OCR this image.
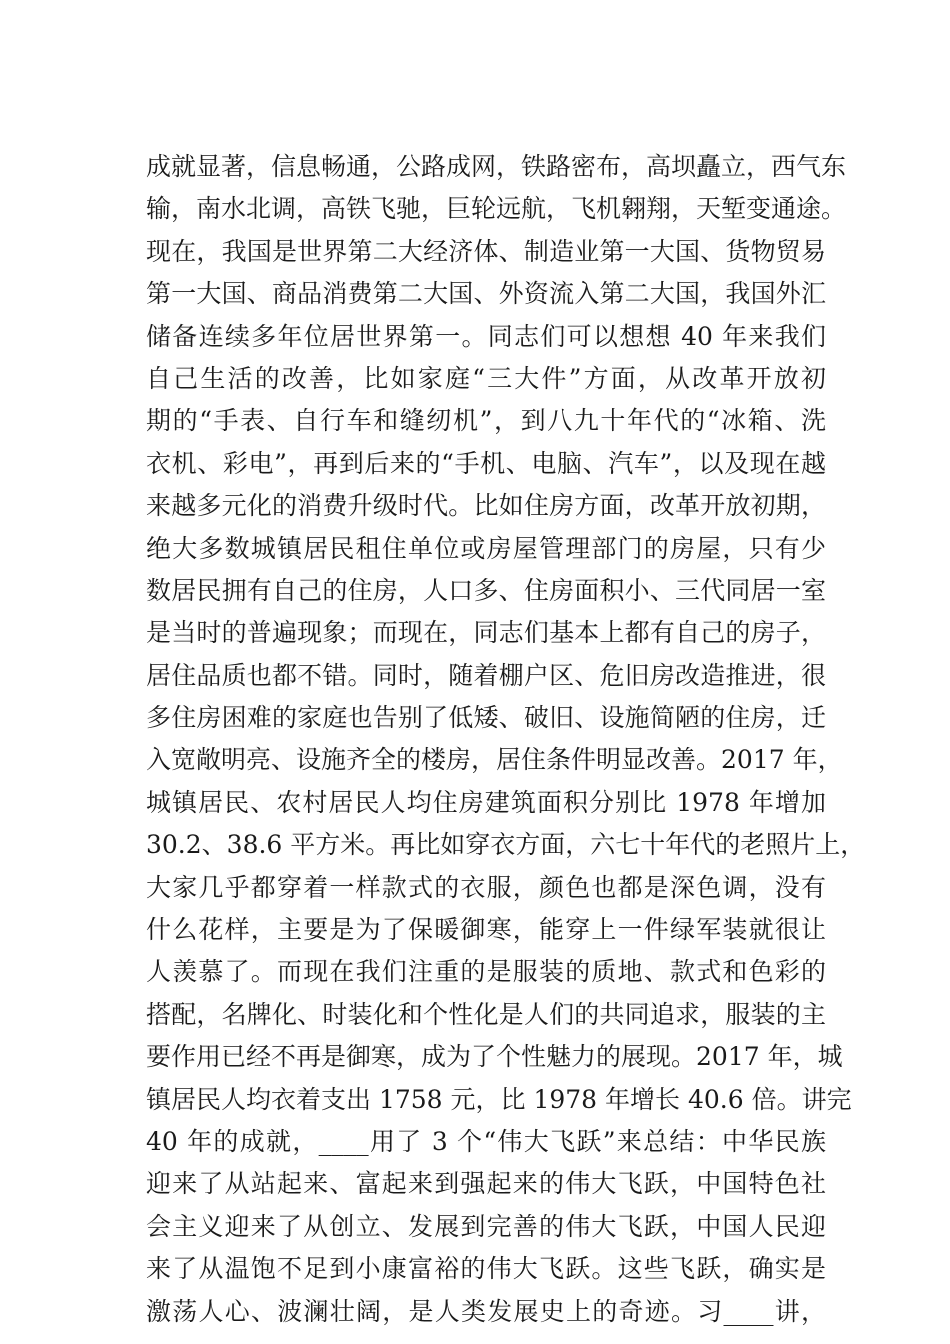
成就显著，信息畅通，公路成网，铁路密布，高坝矗立，西气东
输，南水北调，高铁飞驰，巨轮远航，飞机翱翔，天堑变通途。
现在，我国是世界第二大经济体、制造业第一大国、货物贸易
第一大国、商品消费第二大国、外资流入第二大国，我国外汇
储备连续多年位居世界第一。同志们可以想想 40 年来我们
自己生活的改善，比如家庭“三大件”方面，从改革开放初
期的“手表、自行车和缝纫机”，到八九十年代的“冰箱、洗
衣机、彩电”，再到后来的“手机、电脑、汽车”，以及现在越
来越多元化的消费升级时代。比如住房方面，改革开放初期，
绝大多数城镇居民租住单位或房屋管理部门的房屋，只有少
数居民拥有自己的住房，人口多、住房面积小、三代同居一室
是当时的普遍现象；而现在，同志们基本上都有自己的房子，
居住品质也都不错。同时，随着棚户区、危旧房改造推进，很
多住房困难的家庭也告别了低矮、破旧、设施简陋的住房，迁
入宽敞明亮、设施齐全的楼房，居住条件明显改善。2017 年，
城镇居民、农村居民人均住房建筑面积分别比 1978 年增加
30.2、38.6 平方米。再比如穿衣方面，六七十年代的老照片上，
大家几乎都穿着一样款式的衣服，颜色也都是深色调，没有
什么花样，主要是为了保暖御寒，能穿上一件绿军装就很让
人羡慕了。而现在我们注重的是服装的质地、款式和色彩的
搭配，名牌化、时装化和个性化是人们的共同追求，服装的主
要作用已经不再是御寒，成为了个性魅力的展现。2017 年，城
镇居民人均衣着支出 1758 元，比 1978 年增长 40.6 倍。讲完
40 年的成就，____用了 3 个“伟大飞跃”来总结：中华民族
迎来了从站起来、富起来到强起来的伟大飞跃，中国特色社
会主义迎来了从创立、发展到完善的伟大飞跃，中国人民迎
来了从温饱不足到小康富裕的伟大飞跃。这些飞跃，确实是
激荡人心、波澜壮阔，是人类发展史上的奇迹。习____讲，
